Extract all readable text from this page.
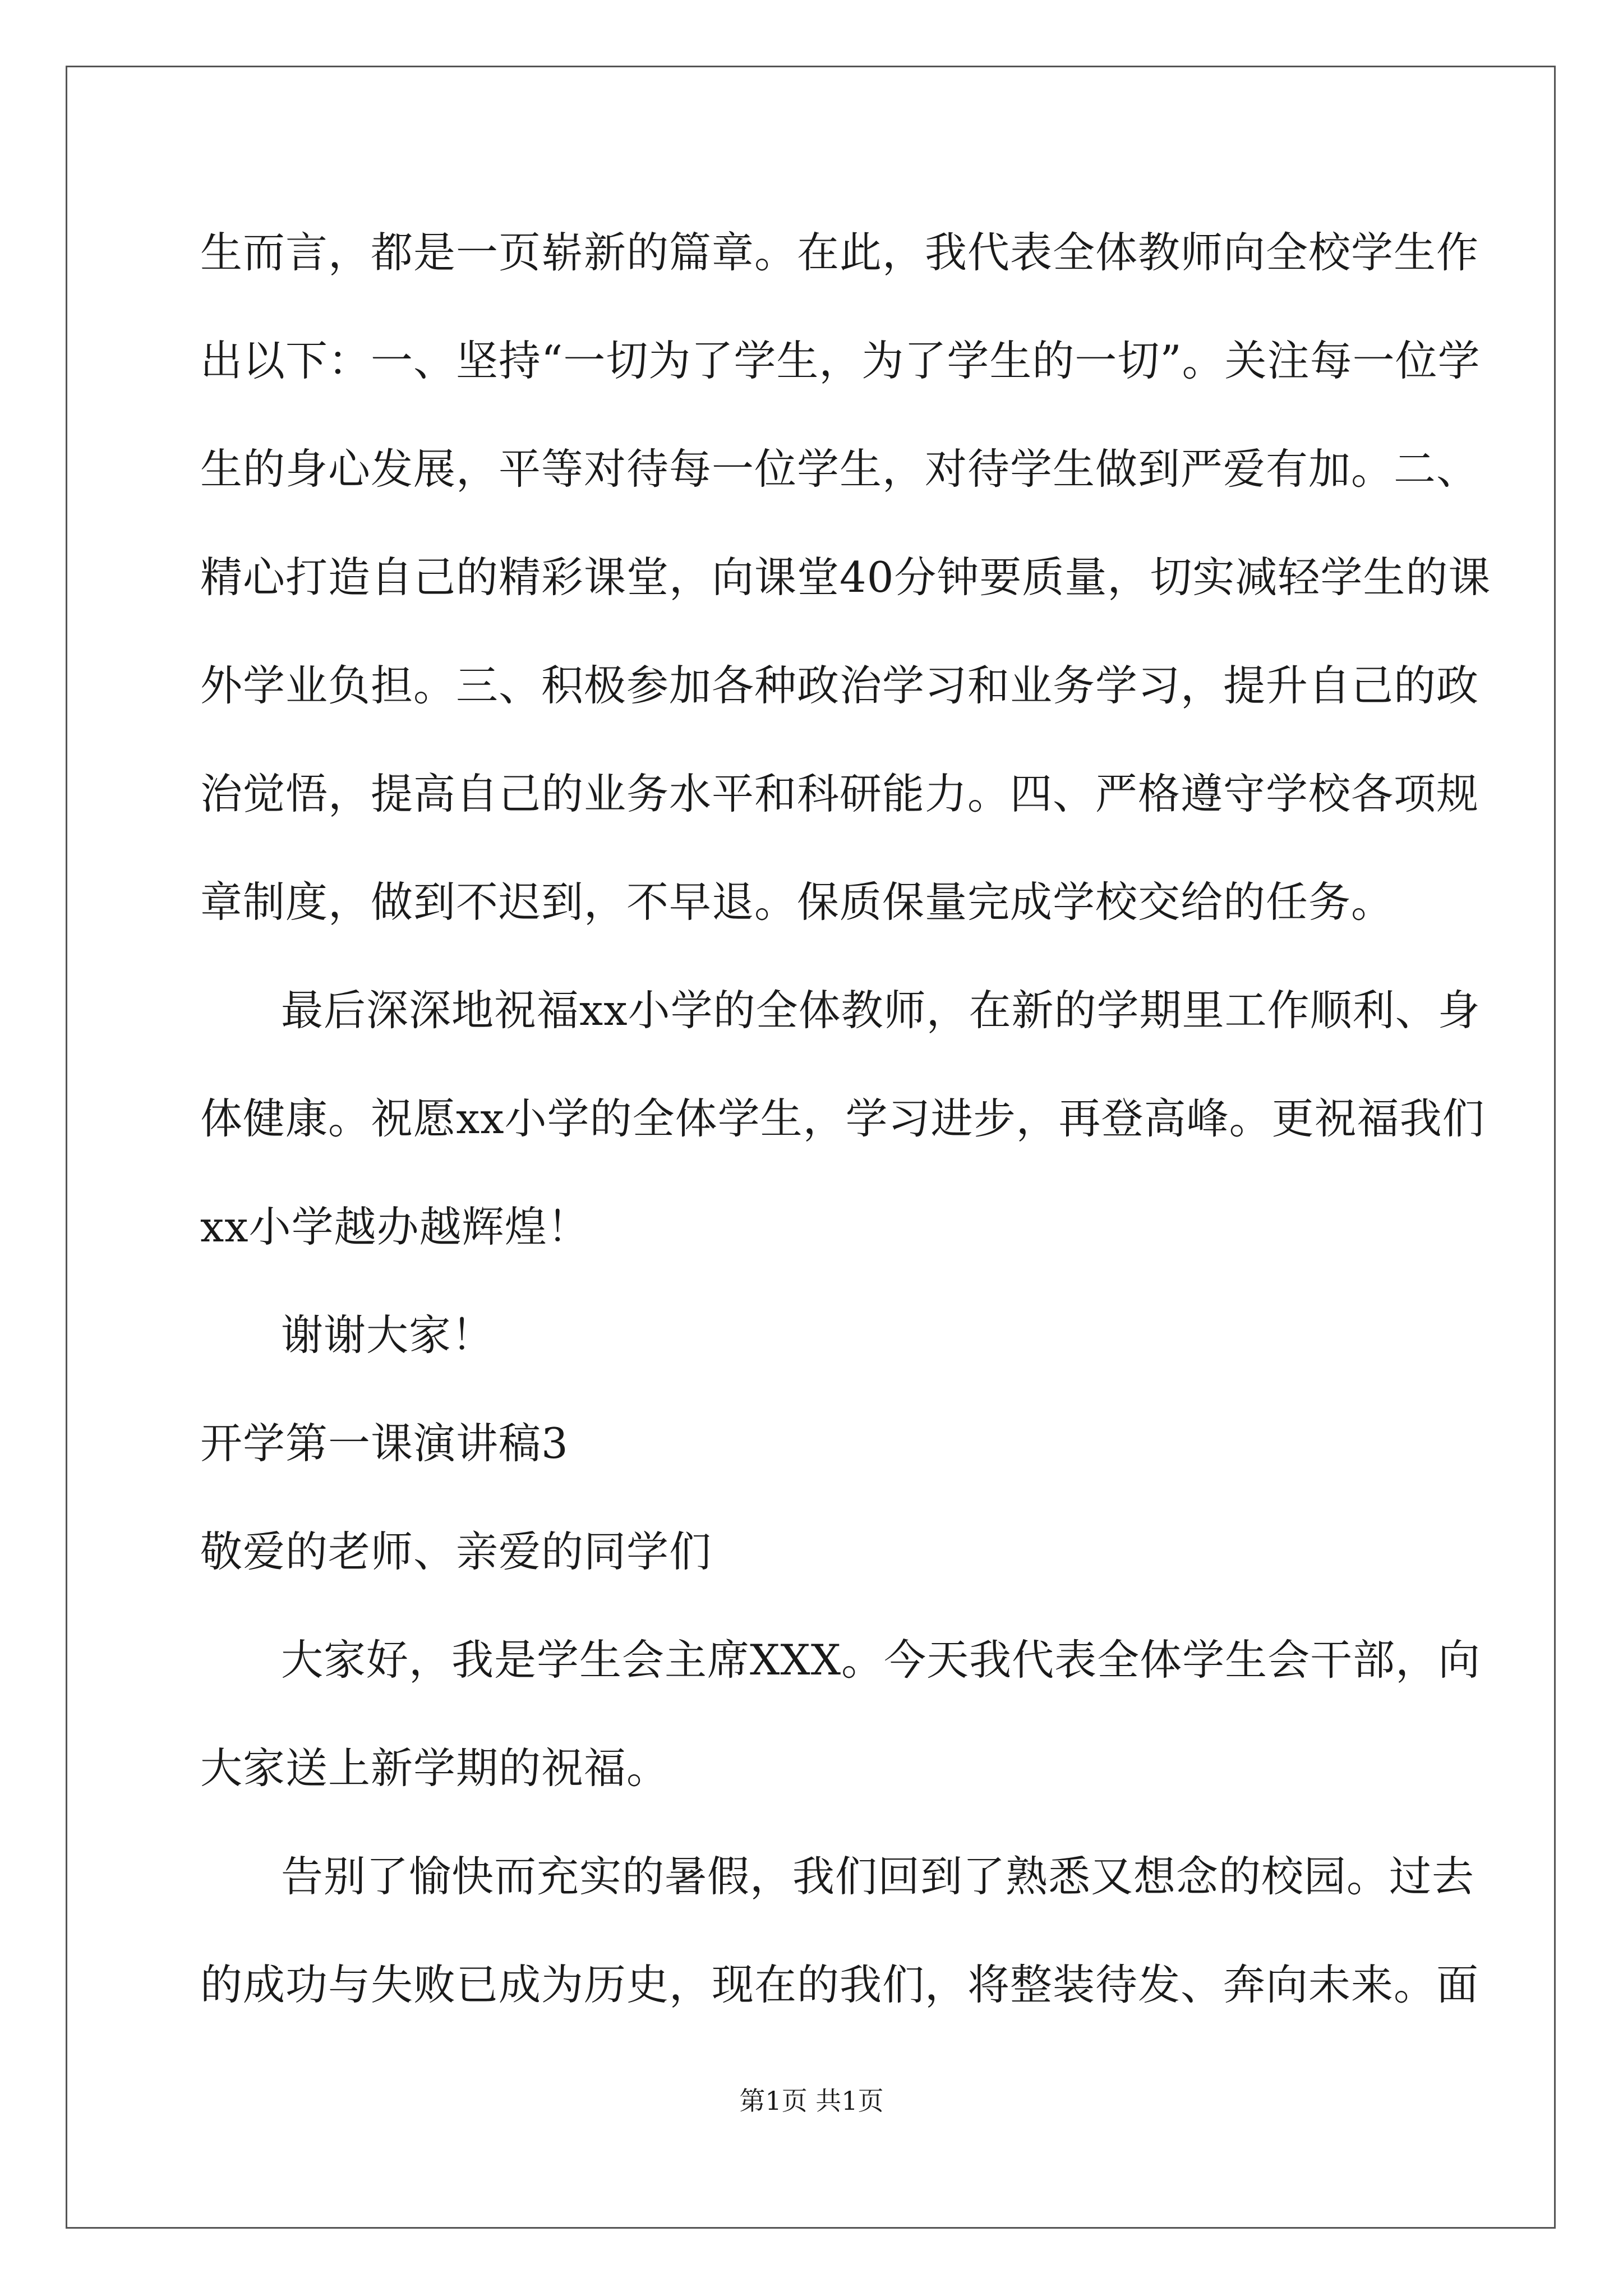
生而言，都是一页崭新的篇章。在此，我代表全体教师向全校学生作
出以下：一、坚持“一切为了学生，为了学生的一切”。关注每一位学
生的身心发展，平等对待每一位学生，对待学生做到严爱有加。二、
精心打造自己的精彩课堂，向课堂40分钟要质量，切实减轻学生的课
外学业负担。三、积极参加各种政治学习和业务学习，提升自己的政
治觉悟，提高自己的业务水平和科研能力。四、严格遵守学校各项规
章制度，做到不迟到，不早退。保质保量完成学校交给的任务。
最后深深地祝福xx小学的全体教师，在新的学期里工作顺利、身
体健康。祝愿xx小学的全体学生，学习进步，再登高峰。更祝福我们
xx小学越办越辉煌！
谢谢大家！
开学第一课演讲稿3
敬爱的老师、亲爱的同学们
大家好，我是学生会主席XXX。今天我代表全体学生会干部，向
大家送上新学期的祝福。
告别了愉快而充实的暑假，我们回到了熟悉又想念的校园。过去
的成功与失败已成为历史，现在的我们，将整装待发、奔向未来。面
第1页 共1页
